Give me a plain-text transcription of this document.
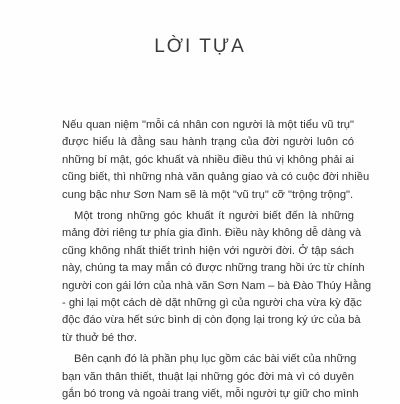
LỜI TỰA

Nếu quan niệm "mỗi cá nhân con người là một tiểu vũ trụ"
được hiểu là đằng sau hành trạng của đời người luôn có
những bí mật, góc khuất và nhiều điều thú vị không phải ai
cũng biết, thì những nhà văn quảng giao và có cuộc đời nhiều
cung bậc như Sơn Nam sẽ là một "vũ trụ" cỡ "trộng trộng".

Một trong những góc khuất ít người biết đến là những
mảng đời riêng tư phía gia đình. Điều này không dễ dàng và
cũng không nhất thiết trình hiện với người đời. Ở tập sách
này, chúng ta may mắn có được những trang hồi ức từ chính
người con gái lớn của nhà văn Sơn Nam – bà Đào Thúy Hằng
- ghi lại một cách dè dặt những gì của người cha vừa kỳ đặc
độc đáo vừa hết sức bình dị còn đọng lại trong ký ức của bà
từ thuở bé thơ.

Bên cạnh đó là phần phụ lục gồm các bài viết của những
bạn văn thân thiết, thuật lại những góc đời mà vì có duyên
gắn bó trong và ngoài trang viết, mỗi người tự giữ cho mình
